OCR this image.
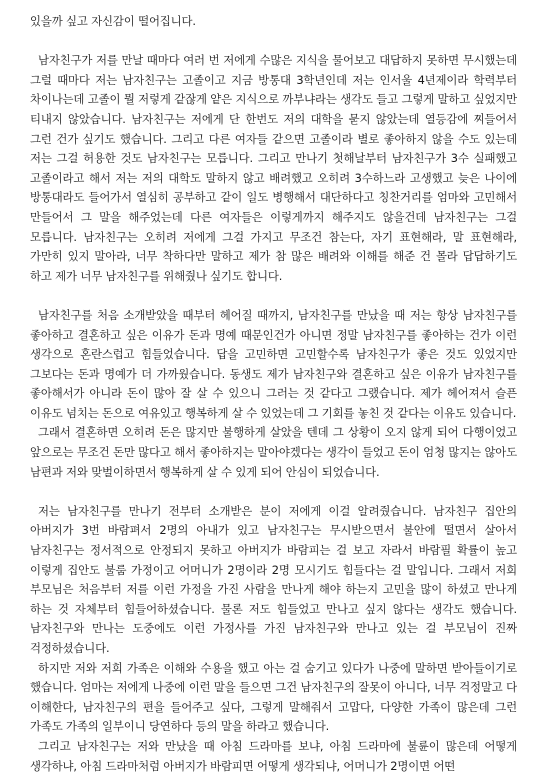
있을까 싶고 자신감이 떨어집니다.

남자친구가 저를 만날 때마다 여러 번 저에게 수많은 지식을 물어보고 대답하지 못하면 무시했는데 그럴 때마다 저는 남자친구는 고졸이고 지금 방통대 3학년인데 저는 인서울 4년제이라 학력부터 차이나는데 고졸이 뭘 저렇게 같잖게 얕은 지식으로 까부냐라는 생각도 들고 그렇게 말하고 싶었지만 티내지 않았습니다. 남자친구는 저에게 단 한번도 저의 대학을 묻지 않았는데 열등감에 찌들어서 그런 건가 싶기도 했습니다. 그리고 다른 여자들 같으면 고졸이라 별로 좋아하지 않을 수도 있는데 저는 그걸 허용한 것도 남자친구는 모릅니다. 그리고 만나기 첫해날부터 남자친구가 3수 실패했고 고졸이라고 해서 저는 저의 대학도 말하지 않고 배려했고 오히려 3수하느라 고생했고 늦은 나이에 방통대라도 들어가서 열심히 공부하고 같이 일도 병행해서 대단하다고 칭찬거리를 엄마와 고민해서 만들어서 그 말을 해주었는데 다른 여자들은 이렇게까지 해주지도 않을건데 남자친구는 그걸 모릅니다. 남자친구는 오히려 저에게 그걸 가지고 무조건 참는다, 자기 표현해라, 말 표현해라, 가만히 있지 말아라, 너무 착하다만 말하고 제가 참 많은 배려와 이해를 해준 건 몰라 답답하기도 하고 제가 너무 남자친구를 위해줬나 싶기도 합니다.

남자친구를 처음 소개받았을 때부터 헤어질 때까지, 남자친구를 만났을 때 저는 항상 남자친구를 좋아하고 결혼하고 싶은 이유가 돈과 명예 때문인건가 아니면 정말 남자친구를 좋아하는 건가 이런 생각으로 혼란스럽고 힘들었습니다. 답을 고민하면 고민할수록 남자친구가 좋은 것도 있었지만 그보다는 돈과 명예가 더 가까웠습니다. 동생도 제가 남자친구와 결혼하고 싶은 이유가 남자친구를 좋아해서가 아니라 돈이 많아 잘 살 수 있으니 그러는 것 같다고 그랬습니다. 제가 헤어져서 슬픈 이유도 넘치는 돈으로 여유있고 행복하게 살 수 있었는데 그 기회를 놓친 것 같다는 이유도 있습니다.

그래서 결혼하면 오히려 돈은 많지만 불행하게 살았을 텐데 그 상황이 오지 않게 되어 다행이었고 앞으로는 무조건 돈만 많다고 해서 좋아하지는 말아야겠다는 생각이 들었고 돈이 엄청 많지는 않아도 남편과 저와 맞벌이하면서 행복하게 살 수 있게 되어 안심이 되었습니다.

저는 남자친구를 만나기 전부터 소개받은 분이 저에게 이걸 알려줬습니다. 남자친구 집안의 아버지가 3번 바람펴서 2명의 아내가 있고 남자친구는 무시받으면서 불안에 떨면서 살아서 남자친구는 정서적으로 안정되지 못하고 아버지가 바람피는 걸 보고 자라서 바람필 확률이 높고 이렇게 집안도 불룸 가정이고 어머니가 2명이라 2명 모시기도 힘들다는 걸 말입니다. 그래서 저희 부모님은 처음부터 저를 이런 가정을 가진 사람을 만나게 해야 하는지 고민을 많이 하셨고 만나게 하는 것 자체부터 힘들어하셨습니다. 물론 저도 힘들었고 만나고 싶지 않다는 생각도 했습니다. 남자친구와 만나는 도중에도 이런 가정사를 가진 남자친구와 만나고 있는 걸 부모님이 진짜 걱정하셨습니다.

하지만 저와 저희 가족은 이해와 수용을 했고 아는 걸 숨기고 있다가 나중에 말하면 받아들이기로 했습니다. 엄마는 저에게 나중에 이런 말을 들으면 그건 남자친구의 잘못이 아니다, 너무 걱정말고 다 이해한다, 남자친구의 편을 들어주고 싶다, 그렇게 말해줘서 고맙다, 다양한 가족이 많은데 그런 가족도 가족의 일부이니 당연하다 등의 말을 하라고 했습니다.

그리고 남자친구는 저와 만났을 때 아침 드라마를 보냐, 아침 드라마에 불륜이 많은데 어떻게 생각하냐, 아침 드라마처럼 아버지가 바람피면 어떻게 생각되냐, 어머니가 2명이면 어떤
